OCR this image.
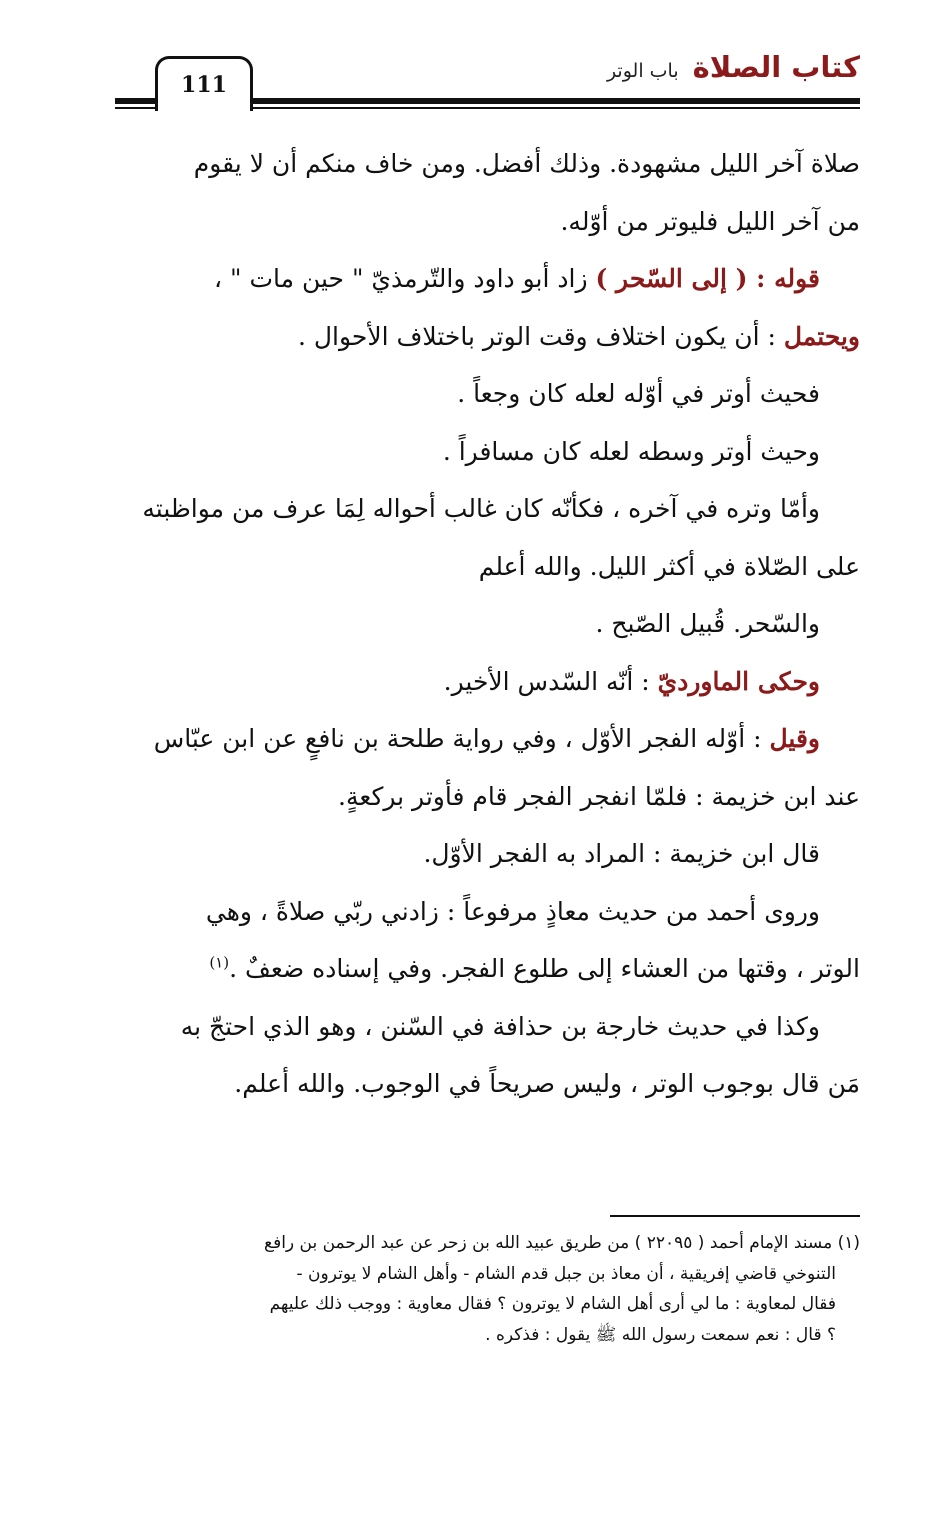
111
كتاب الصلاة
باب الوتر

صلاة آخر الليل مشهودة. وذلك أفضل. ومن خاف منكم أن لا يقوم

من آخر الليل فليوتر من أوّله.

قوله : ( إلى السّحر ) زاد أبو داود والتّرمذيّ " حين مات " ،

ويحتمل : أن يكون اختلاف وقت الوتر باختلاف الأحوال .

فحيث أوتر في أوّله لعله كان وجعاً .

وحيث أوتر وسطه لعله كان مسافراً .

وأمّا وتره في آخره ، فكأنّه كان غالب أحواله لِمَا عرف من مواظبته

على الصّلاة في أكثر الليل. والله أعلم

والسّحر. قُبيل الصّبح .

وحكى الماورديّ : أنّه السّدس الأخير.

وقيل : أوّله الفجر الأوّل ، وفي رواية طلحة بن نافعٍ عن ابن عبّاس

عند ابن خزيمة : فلمّا انفجر الفجر قام فأوتر بركعةٍ.

قال ابن خزيمة : المراد به الفجر الأوّل.

وروى أحمد من حديث معاذٍ مرفوعاً : زادني ربّي صلاةً ، وهي

الوتر ، وقتها من العشاء إلى طلوع الفجر. وفي إسناده ضعفٌ .$^{(١)}$

وكذا في حديث خارجة بن حذافة في السّنن ، وهو الذي احتجّ به

مَن قال بوجوب الوتر ، وليس صريحاً في الوجوب. والله أعلم.

(١) مسند الإمام أحمد ( ٢٢٠٩٥ ) من طريق عبيد الله بن زحر عن عبد الرحمن بن رافع

التنوخي قاضي إفريقية ، أن معاذ بن جبل قدم الشام - وأهل الشام لا يوترون -

فقال لمعاوية : ما لي أرى أهل الشام لا يوترون ؟ فقال معاوية : ووجب ذلك عليهم

؟ قال : نعم سمعت رسول الله ﷺ يقول : فذكره .
